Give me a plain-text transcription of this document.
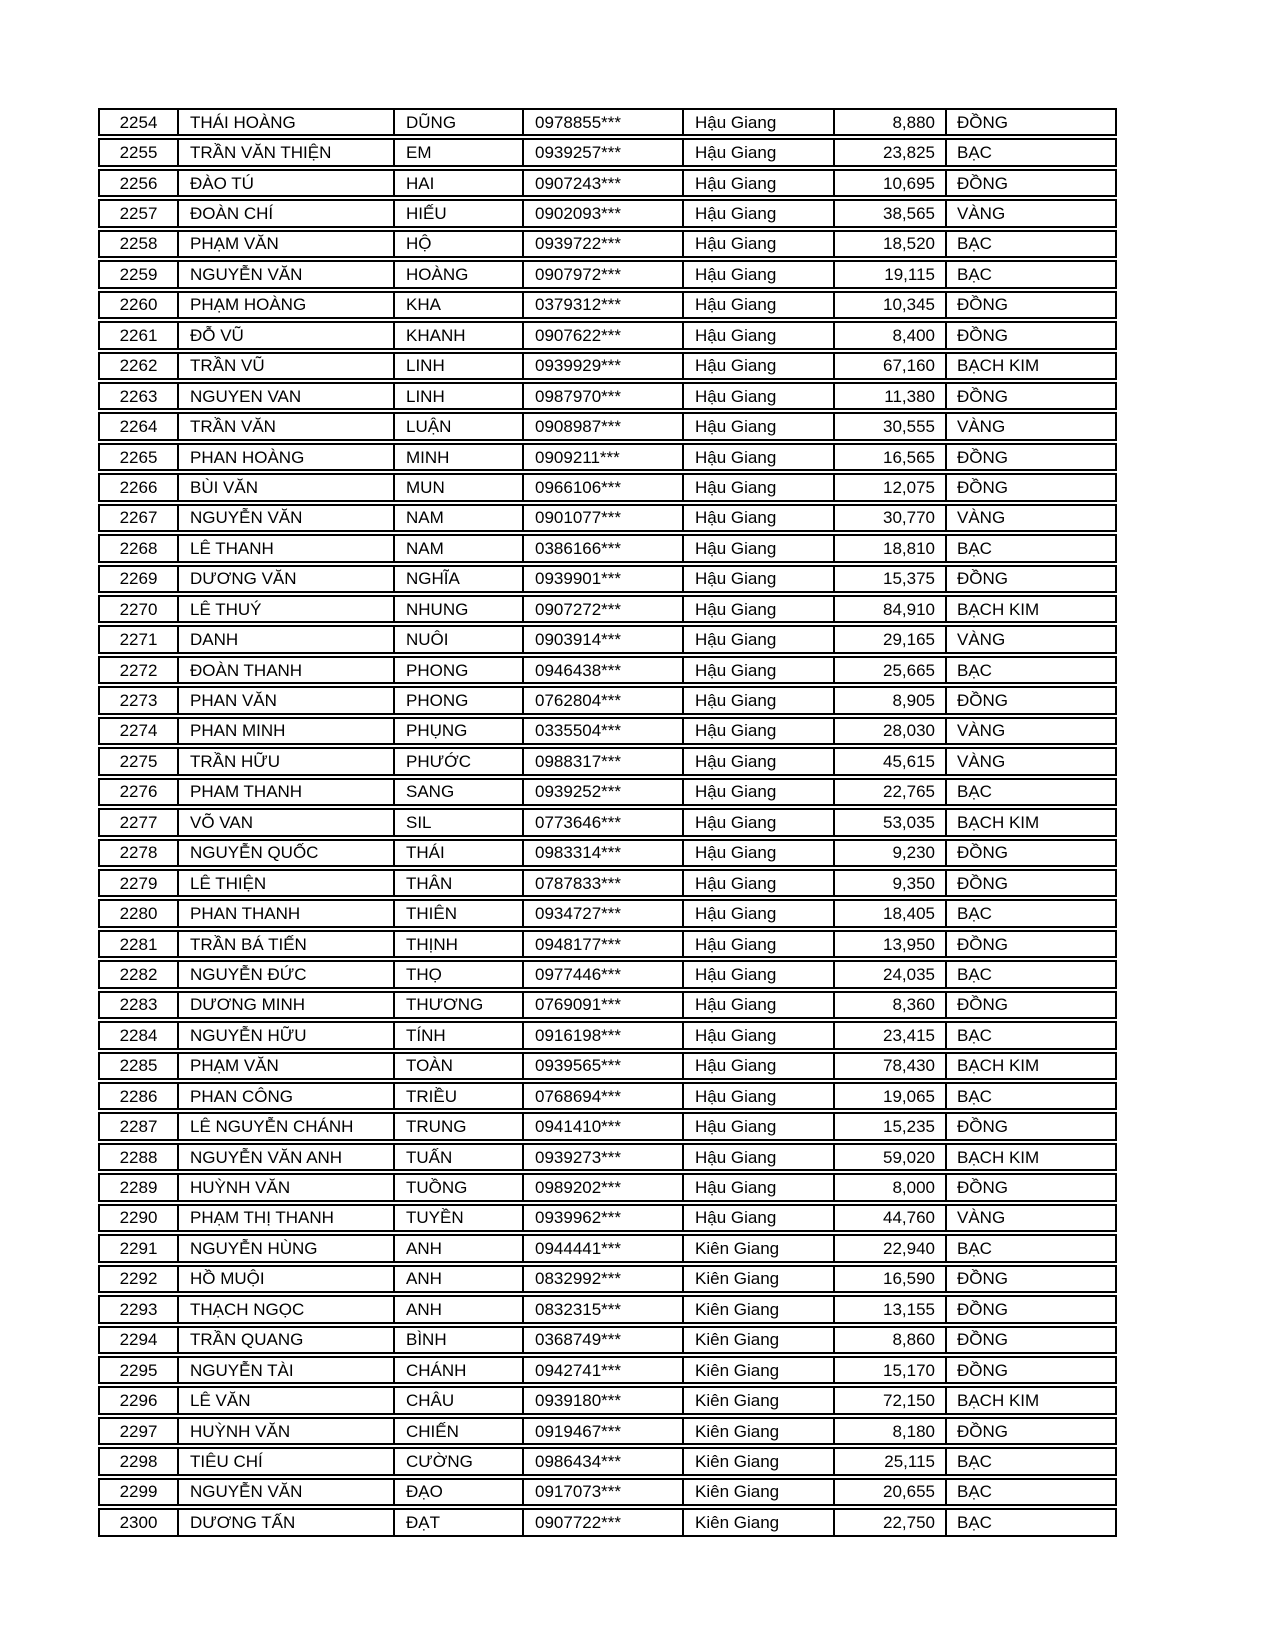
2254	THÁI HOÀNG	DŨNG	0978855***	Hậu Giang	8,880	ĐỒNG
2255	TRẦN VĂN THIỆN	EM	0939257***	Hậu Giang	23,825	BẠC
2256	ĐÀO TÚ	HAI	0907243***	Hậu Giang	10,695	ĐỒNG
2257	ĐOÀN CHÍ	HIẾU	0902093***	Hậu Giang	38,565	VÀNG
2258	PHẠM VĂN	HỘ	0939722***	Hậu Giang	18,520	BẠC
2259	NGUYỄN VĂN	HOÀNG	0907972***	Hậu Giang	19,115	BẠC
2260	PHẠM HOÀNG	KHA	0379312***	Hậu Giang	10,345	ĐỒNG
2261	ĐỖ VŨ	KHANH	0907622***	Hậu Giang	8,400	ĐỒNG
2262	TRẦN VŨ	LINH	0939929***	Hậu Giang	67,160	BẠCH KIM
2263	NGUYEN VAN	LINH	0987970***	Hậu Giang	11,380	ĐỒNG
2264	TRẦN VĂN	LUẬN	0908987***	Hậu Giang	30,555	VÀNG
2265	PHAN HOÀNG	MINH	0909211***	Hậu Giang	16,565	ĐỒNG
2266	BÙI VĂN	MUN	0966106***	Hậu Giang	12,075	ĐỒNG
2267	NGUYỄN VĂN	NAM	0901077***	Hậu Giang	30,770	VÀNG
2268	LÊ THANH	NAM	0386166***	Hậu Giang	18,810	BẠC
2269	DƯƠNG VĂN	NGHĨA	0939901***	Hậu Giang	15,375	ĐỒNG
2270	LÊ THUÝ	NHUNG	0907272***	Hậu Giang	84,910	BẠCH KIM
2271	DANH	NUÔI	0903914***	Hậu Giang	29,165	VÀNG
2272	ĐOÀN THANH	PHONG	0946438***	Hậu Giang	25,665	BẠC
2273	PHAN VĂN	PHONG	0762804***	Hậu Giang	8,905	ĐỒNG
2274	PHAN MINH	PHỤNG	0335504***	Hậu Giang	28,030	VÀNG
2275	TRẦN HỮU	PHƯỚC	0988317***	Hậu Giang	45,615	VÀNG
2276	PHAM THANH	SANG	0939252***	Hậu Giang	22,765	BẠC
2277	VÕ VAN	SIL	0773646***	Hậu Giang	53,035	BẠCH KIM
2278	NGUYỄN QUỐC	THÁI	0983314***	Hậu Giang	9,230	ĐỒNG
2279	LÊ THIỆN	THÂN	0787833***	Hậu Giang	9,350	ĐỒNG
2280	PHAN THANH	THIÊN	0934727***	Hậu Giang	18,405	BẠC
2281	TRẦN BÁ TIẾN	THỊNH	0948177***	Hậu Giang	13,950	ĐỒNG
2282	NGUYỄN ĐỨC	THỌ	0977446***	Hậu Giang	24,035	BẠC
2283	DƯƠNG MINH	THƯƠNG	0769091***	Hậu Giang	8,360	ĐỒNG
2284	NGUYỄN HỮU	TÍNH	0916198***	Hậu Giang	23,415	BẠC
2285	PHẠM VĂN	TOÀN	0939565***	Hậu Giang	78,430	BẠCH KIM
2286	PHAN CÔNG	TRIỀU	0768694***	Hậu Giang	19,065	BẠC
2287	LÊ NGUYỄN CHÁNH	TRUNG	0941410***	Hậu Giang	15,235	ĐỒNG
2288	NGUYỄN VĂN ANH	TUẤN	0939273***	Hậu Giang	59,020	BẠCH KIM
2289	HUỲNH VĂN	TUỒNG	0989202***	Hậu Giang	8,000	ĐỒNG
2290	PHẠM THỊ THANH	TUYỀN	0939962***	Hậu Giang	44,760	VÀNG
2291	NGUYỄN HÙNG	ANH	0944441***	Kiên Giang	22,940	BẠC
2292	HỒ MUỘI	ANH	0832992***	Kiên Giang	16,590	ĐỒNG
2293	THẠCH NGỌC	ANH	0832315***	Kiên Giang	13,155	ĐỒNG
2294	TRẦN QUANG	BÌNH	0368749***	Kiên Giang	8,860	ĐỒNG
2295	NGUYỄN TÀI	CHÁNH	0942741***	Kiên Giang	15,170	ĐỒNG
2296	LÊ VĂN	CHÂU	0939180***	Kiên Giang	72,150	BẠCH KIM
2297	HUỲNH VĂN	CHIẾN	0919467***	Kiên Giang	8,180	ĐỒNG
2298	TIÊU CHÍ	CƯỜNG	0986434***	Kiên Giang	25,115	BẠC
2299	NGUYỄN VĂN	ĐẠO	0917073***	Kiên Giang	20,655	BẠC
2300	DƯƠNG TẤN	ĐẠT	0907722***	Kiên Giang	22,750	BẠC
